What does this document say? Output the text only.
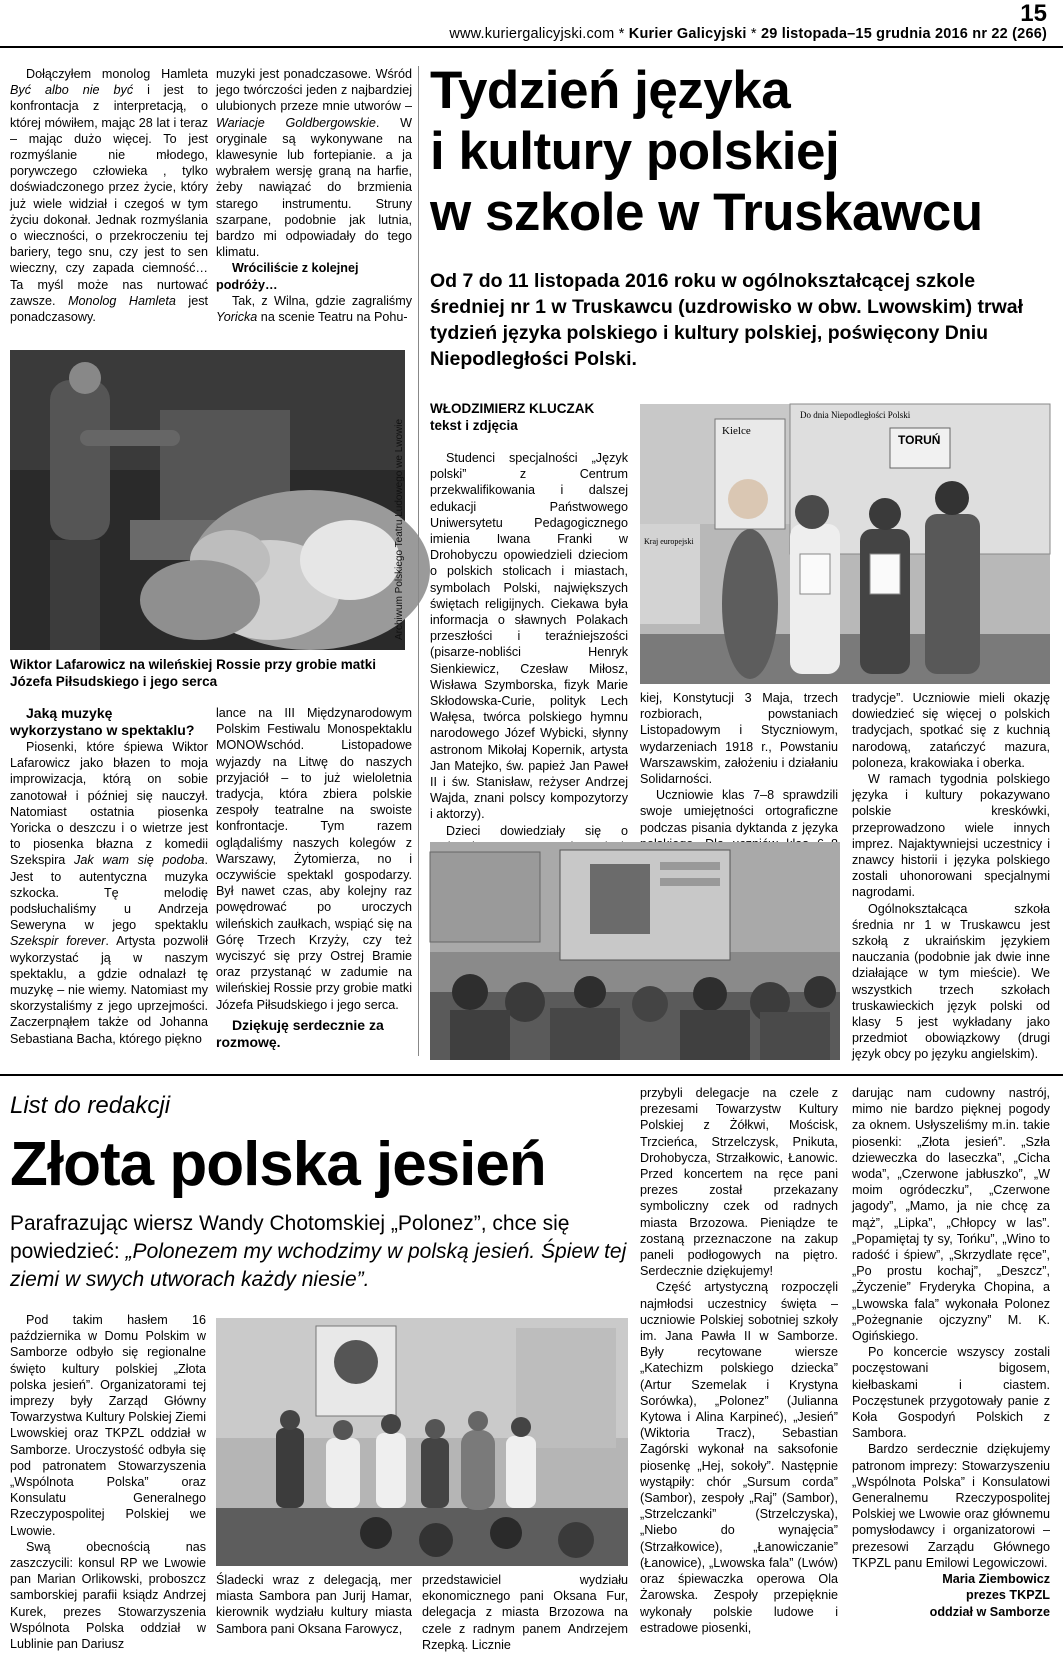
15
www.kuriergalicyjski.com * Kurier Galicyjski * 29 listopada–15 grudnia 2016 nr 22 (266)

Dołączyłem monolog Hamleta Być albo nie być i jest to konfrontacja z interpretacją, o której mówiłem, mając 28 lat i teraz – mając dużo więcej. To jest rozmyślanie nie młodego, porywczego człowieka , tylko doświadczonego przez życie, który już wiele widział i czegoś w tym życiu dokonał. Jednak rozmyślania o wieczności, o przekroczeniu tej bariery, tego snu, czy jest to sen wieczny, czy zapada ciemność… Ta myśl może nas nurtować zawsze. Monolog Hamleta jest ponadczasowy.

muzyki jest ponadczasowe. Wśród jego twórczości jeden z najbardziej ulubionych przeze mnie utworów – Wariacje Goldbergowskie. W oryginale są wykonywane na klawesynie lub fortepianie. a ja wybrałem wersję graną na harfie, żeby nawiązać do brzmienia starego instrumentu. Struny szarpane, podobnie jak lutnia, bardzo mi odpowiadały do tego klimatu.

Wróciliście z kolejnej podróży…

Tak, z Wilna, gdzie zagraliśmy Yoricka na scenie Teatru na Pohu-

Archiwum Polskiego Teatru Ludowego we Lwowie
Wiktor Lafarowicz na wileńskiej Rossie przy grobie matki Józefa Piłsudskiego i jego serca

Jaką muzykę wykorzystano w spektaklu?

Piosenki, które śpiewa Wiktor Lafarowicz jako błazen to moja improwizacja, którą on sobie zanotował i później się nauczył. Natomiast ostatnia piosenka Yoricka o deszczu i o wietrze jest to piosenka błazna z komedii Szekspira Jak wam się podoba. Jest to autentyczna muzyka szkocka. Tę melodię podsłuchaliśmy u Andrzeja Seweryna w jego spektaklu Szekspir forever. Artysta pozwolił wykorzystać ją w naszym spektaklu, a gdzie odnalazł tę muzykę – nie wiemy. Natomiast my skorzystaliśmy z jego uprzejmości. Zaczerpnąłem także od Johanna Sebastiana Bacha, którego piękno

lance na III Międzynarodowym Polskim Festiwalu Monospektaklu MONOWschód. Listopadowe wyjazdy na Litwę do naszych przyjaciół – to już wieloletnia tradycja, która zbiera polskie zespoły teatralne na swoiste konfrontacje. Tym razem oglądaliśmy naszych kolegów z Warszawy, Żytomierza, no i oczywiście spektakl gospodarzy. Był nawet czas, aby kolejny raz powędrować po uroczych wileńskich zaułkach, wspiąć się na Górę Trzech Krzyży, czy też wyciszyć się przy Ostrej Bramie oraz przystanąć w zadumie na wileńskiej Rossie przy grobie matki Józefa Piłsudskiego i jego serca.

Dziękuję serdecznie za rozmowę.

Tydzień języka
i kultury polskiej
w szkole w Truskawcu
Od 7 do 11 listopada 2016 roku w ogólnokształcącej szkole średniej nr 1 w Truskawcu (uzdrowisko w obw. Lwowskim) trwał tydzień języka polskiego i kultury polskiej, poświęcony Dniu Niepodległości Polski.
WŁODZIMIERZ KLUCZAK
tekst i zdjęcia	Kielce
Do dnia Niepodległości Polski
TORUŃ
Kraj europejski

Studenci specjalności „Język polski” z Centrum przekwalifikowania i dalszej edukacji Państwowego Uniwersytetu Pedagogicznego imienia Iwana Franki w Drohobyczu opowiedzieli dzieciom o polskich stolicach i miastach, symbolach Polski, największych świętach religijnych. Ciekawa była informacja o sławnych Polakach przeszłości i teraźniejszości (pisarze-nobliści Henryk Sienkiewicz, Czesław Miłosz, Wisława Szymborska, fizyk Marie Skłodowska-Curie, polityk Lech Wałęsa, twórca polskiego hymnu narodowego Józef Wybicki, słynny astronom Mikołaj Kopernik, artysta Jan Matejko, św. papież Jan Paweł II i św. Stanisław, reżyser Andrzej Wajda, znani polscy kompozytorzy i aktorzy).

Dzieci dowiedziały się o

kiej, Konstytucji 3 Maja, trzech rozbiorach, powstaniach Listopadowym i Styczniowym, wydarzeniach 1918 r., Powstaniu Warszawskim, założeniu i działaniu Solidarności.

Uczniowie klas 7–8 sprawdzili swoje umiejętności ortograficzne podczas pisania dyktanda z języka

tradycje”. Uczniowie mieli okazję dowiedzieć się więcej o polskich tradycjach, spotkać się z kuchnią narodową, zatańczyć mazura, poloneza, krakowiaka i oberka.

W ramach tygodnia polskiego języka i kultury pokazywano polskie kreskówki, przeprowadzono wiele innych imprez. Najaktywniejsi uczestnicy i znawcy historii i języka polskiego zostali uhonorowani specjalnymi nagrodami.

Ogólnokształcąca szkoła średnia nr 1 w Truskawcu jest szkołą z ukraińskim językiem nauczania (podobnie jak dwie inne działające w tym mieście). We wszystkich trzech szkołach truskawieckich język polski od klasy 5 jest wykładany jako przedmiot obowiązkowy (drugi język obcy po języku angielskim).

List do redakcji
Złota polska jesień
Parafrazując wiersz Wandy Chotomskiej „Polonez”, chce się powiedzieć: „Polonezem my wchodzimy w polską jesień. Śpiew tej ziemi w swych utworach każdy niesie”.

Pod takim hasłem 16 października w Domu Polskim w Samborze odbyło się regionalne święto kultury polskiej „Złota polska jesień”. Organizatorami tej imprezy były Zarząd Główny Towarzystwa Kultury Polskiej Ziemi Lwowskiej oraz TKPZL oddział w Samborze. Uroczystość odbyła się pod patronatem Stowarzyszenia „Wspólnota Polska” oraz Konsulatu Generalnego Rzeczypospolitej Polskiej we Lwowie.

Swą obecnością nas zaszczycili: konsul RP we Lwowie pan Marian Orlikowski, proboszcz samborskiej parafii ksiądz Andrzej Kurek, prezes Stowarzyszenia Wspólnota Polska oddział w Lublinie pan Dariusz

Śladecki wraz z delegacją, mer miasta Sambora pan Jurij Hamar, kierownik wydziału kultury miasta Sambora pani Oksana Farowycz,

przedstawiciel wydziału ekonomicznego pani Oksana Fur, delegacja z miasta Brzozowa na czele z radnym panem Andrzejem Rzepką. Licznie

przybyli delegacje na czele z prezesami Towarzystw Kultury Polskiej z Żółkwi, Mościsk, Trzcieńca, Strzelczysk, Pnikuta, Drohobycza, Strzałkowic, Łanowic. Przed koncertem na ręce pani prezes został przekazany symboliczny czek od radnych miasta Brzozowa. Pieniądze te zostaną przeznaczone na zakup paneli podłogowych na piętro. Serdecznie dziękujemy!

Część artystyczną rozpoczęli najmłodsi uczestnicy święta – uczniowie Polskiej sobotniej szkoły im. Jana Pawła II w Samborze. Były recytowane wiersze „Katechizm polskiego dziecka” (Artur Szemelak i Krystyna Sorówka), „Polonez” (Julianna Kytowa i Alina Karpineć), „Jesień” (Wiktoria Tracz), Sebastian Zagórski wykonał na saksofonie piosenkę „Hej, sokoły”. Następnie wystąpiły: chór „Sursum corda” (Sambor), zespoły „Raj” (Sambor), „Strzelczanki” (Strzelczyska), „Niebo do wynajęcia” (Strzałkowice), „Łanowiczanie” (Łanowice), „Lwowska fala” (Lwów) oraz śpiewaczka operowa Ola Żarowska. Zespoły przepięknie wykonały polskie ludowe i estradowe piosenki,

darując nam cudowny nastrój, mimo nie bardzo pięknej pogody za oknem. Usłyszeliśmy m.in. takie piosenki: „Złota jesień”. „Szła dzieweczka do laseczka”, „Cicha woda”, „Czerwone jabłuszko”, „W moim ogródeczku”, „Czerwone jagody”, „Mamo, ja nie chcę za mąż”, „Lipka”, „Chłopcy w las”. „Popamiętaj ty sy, Tońku”, „Wino to radość i śpiew”, „Skrzydlate ręce”, „Po prostu kochaj”, „Deszcz”, „Życzenie” Fryderyka Chopina, a „Lwowska fala” wykonała Polonez „Pożegnanie ojczyzny” M. K. Ogińskiego.

Po koncercie wszyscy zostali poczęstowani bigosem, kiełbaskami i ciastem. Poczęstunek przygotowały panie z Koła Gospodyń Polskich z Sambora.

Bardzo serdecznie dziękujemy patronom imprezy: Stowarzyszeniu „Wspólnota Polska” i Konsulatowi Generalnemu Rzeczypospolitej Polskiej we Lwowie oraz głównemu pomysłodawcy i organizatorowi – prezesowi Zarządu Głównego TKPZL panu Emilowi Legowiczowi.

Maria Ziembowicz

prezes TKPZL

oddział w Samborze
